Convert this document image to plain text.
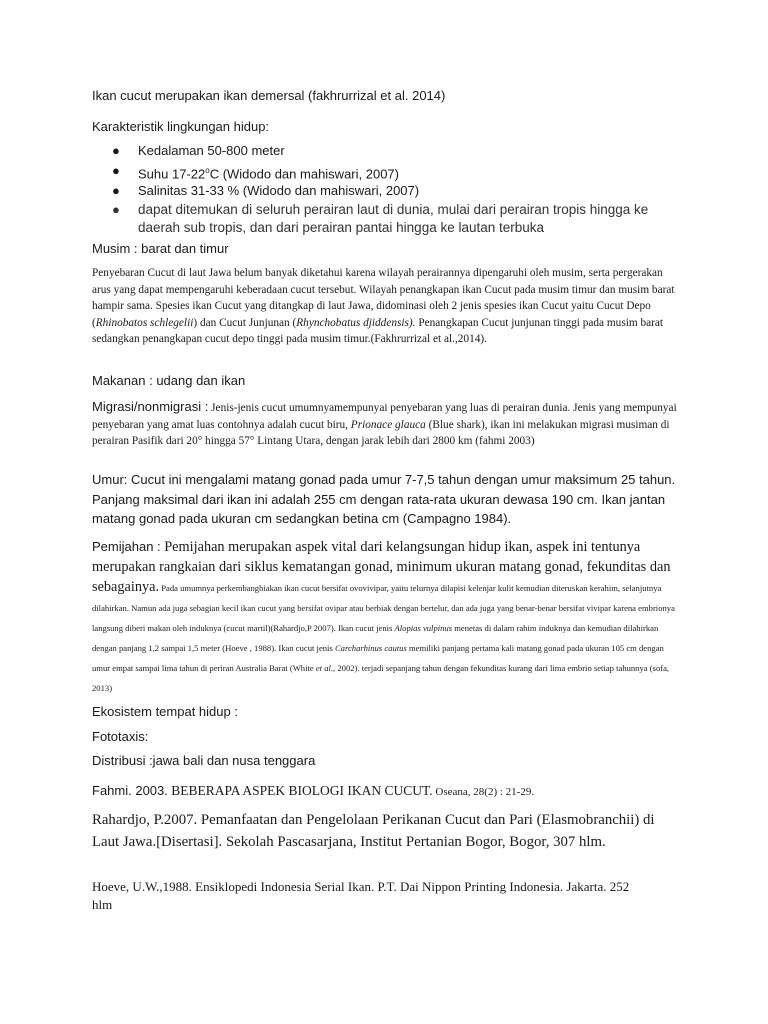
Ikan cucut merupakan ikan demersal (fakhrurrizal et al. 2014)

Karakteristik lingkungan hidup:

● Kedalaman 50-800 meter
● Suhu 17-22$^o$C (Widodo dan mahiswari, 2007)
● Salinitas 31-33 % (Widodo dan mahiswari, 2007)
● dapat ditemukan di seluruh perairan laut di dunia, mulai dari perairan tropis hingga ke daerah sub tropis, dan dari perairan pantai hingga ke lautan terbuka

Musim : barat dan timur

Penyebaran Cucut di laut Jawa belum banyak diketahui karena wilayah perairannya dipengaruhi oleh musim, serta pergerakan arus yang dapat mempengaruhi keberadaan cucut tersebut. Wilayah penangkapan ikan Cucut pada musim timur dan musim barat hampir sama. Spesies ikan Cucut yang ditangkap di laut Jawa, didominasi oleh 2 jenis spesies ikan Cucut yaitu Cucut Depo (Rhinobatos schlegelii) dan Cucut Junjunan (Rhynchobatus djiddensis). Penangkapan Cucut junjunan tinggi pada musim barat sedangkan penangkapan cucut depo tinggi pada musim timur.(Fakhrurrizal et al.,2014).

Makanan : udang dan ikan

Migrasi/nonmigrasi : Jenis-jenis cucut umumnyamempunyai penyebaran yang luas di perairan dunia. Jenis yang mempunyai penyebaran yang amat luas contohnya adalah cucut biru, Prionace glauca (Blue shark), ikan ini melakukan migrasi musiman di perairan Pasifik dari 20° hingga 57° Lintang Utara, dengan jarak lebih dari 2800 km (fahmi 2003)

Umur: Cucut ini mengalami matang gonad pada umur 7-7,5 tahun dengan umur maksimum 25 tahun. Panjang maksimal dari ikan ini adalah 255 cm dengan rata-rata ukuran dewasa 190 cm. Ikan jantan matang gonad pada ukuran cm sedangkan betina cm (Campagno 1984).

Pemijahan : Pemijahan merupakan aspek vital dari kelangsungan hidup ikan, aspek ini tentunya merupakan rangkaian dari siklus kematangan gonad, minimum ukuran matang gonad, fekunditas dan sebagainya. Pada umumnya perkembangbiakan ikan cucut bersifat ovovivipar, yaitu telurnya dilapisi kelenjar kulit kemudian diteruskan kerahim, selanjutnya dilahirkan. Namun ada juga sebagian kecil ikan cucut yang bersifat ovipar atau berbiak dengan bertelur, dan ada juga yang benar-benar bersifat vivipar karena embrionya langsung diberi makan oleh induknya (cucut martil)(Rahardjo,P 2007). Ikan cucut jenis Alopias vulpinus menetas di dalam rahim induknya dan kemudian dilahirkan dengan panjang 1,2 sampai 1,5 meter (Hoeve , 1988). Ikan cucut jenis Carcharhinus cautus memiliki panjang pertama kali matang gonad pada ukuran 105 cm dengan umur empat sampai lima tahun di periran Australia Barat (White et al., 2002). terjadi sepanjang tahun dengan fekunditas kurang dari lima embrio setiap tahunnya (sofa, 2013)

Ekosistem tempat hidup :

Fototaxis:

Distribusi :jawa bali dan nusa tenggara

Fahmi. 2003. BEBERAPA ASPEK BIOLOGI IKAN CUCUT. Oseana, 28(2) : 21-29.

Rahardjo, P.2007. Pemanfaatan dan Pengelolaan Perikanan Cucut dan Pari (Elasmobranchii) di Laut Jawa.[Disertasi]. Sekolah Pascasarjana, Institut Pertanian Bogor, Bogor, 307 hlm.

Hoeve, U.W.,1988. Ensiklopedi Indonesia Serial Ikan. P.T. Dai Nippon Printing Indonesia. Jakarta. 252 hlm
